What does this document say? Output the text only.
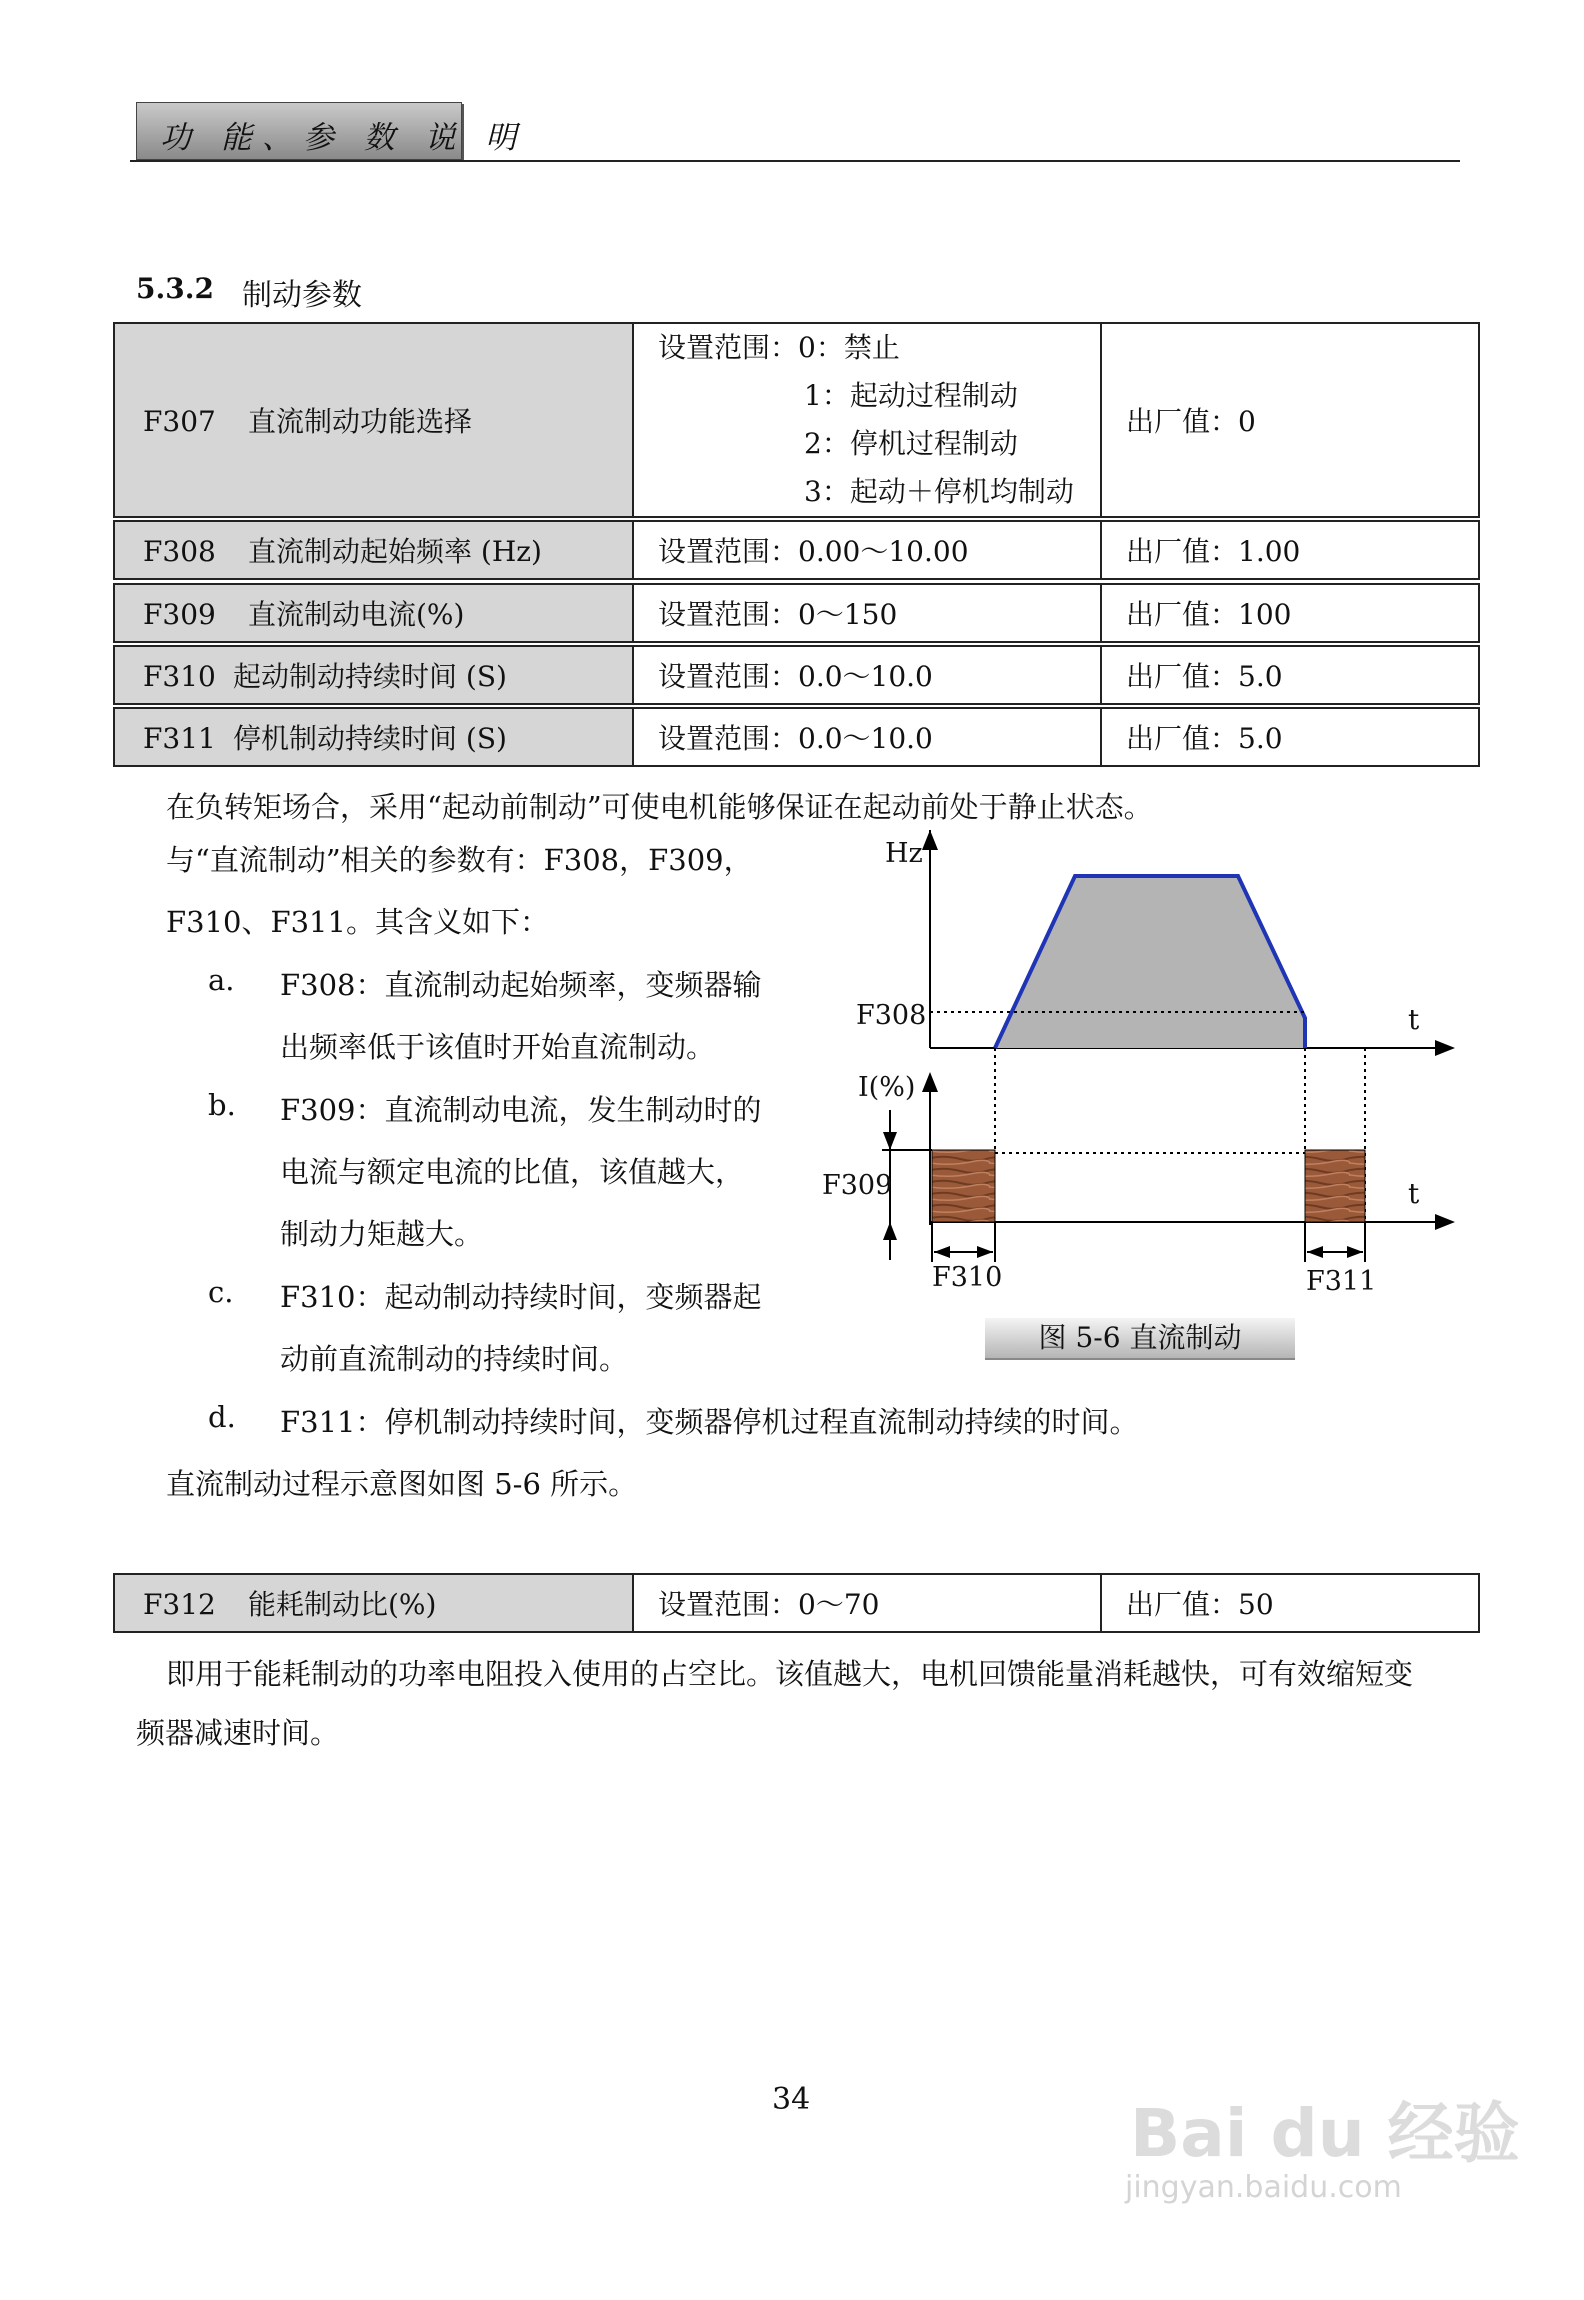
功 能、参 数 说 明
5.3.2 制动参数
F307 直流制动功能选择	
设置范围：0：禁止
1：起动过程制动
2：停机过程制动
3：起动＋停机均制动

出厂值：0
F308 直流制动起始频率 (Hz)	设置范围：0.00～10.00	出厂值：1.00
F309 直流制动电流(%)	设置范围：0～150	出厂值：100
F310 起动制动持续时间 (S)	设置范围：0.0～10.0	出厂值：5.0
F311 停机制动持续时间 (S)	设置范围：0.0～10.0	出厂值：5.0
在负转矩场合，采用“起动前制动”可使电机能够保证在起动前处于静止状态。
与“直流制动”相关的参数有：F308，F309，
F310、F311。其含义如下：
a. F308：直流制动起始频率，变频器输
出频率低于该值时开始直流制动。
b. F309：直流制动电流，发生制动时的
电流与额定电流的比值，该值越大，
制动力矩越大。
c. F310：起动制动持续时间，变频器起
动前直流制动的持续时间。
d. F311：停机制动持续时间，变频器停机过程直流制动持续的时间。
直流制动过程示意图如图 5-6 所示。
Hz
t
F308
I(%)
F309	t
F310	F311
图 5-6 直流制动
F312 能耗制动比(%)	设置范围：0～70	出厂值：50
即用于能耗制动的功率电阻投入使用的占空比。该值越大，电机回馈能量消耗越快，可有效缩短变
频器减速时间。
34	Bai du 经验
jingyan.baidu.com
